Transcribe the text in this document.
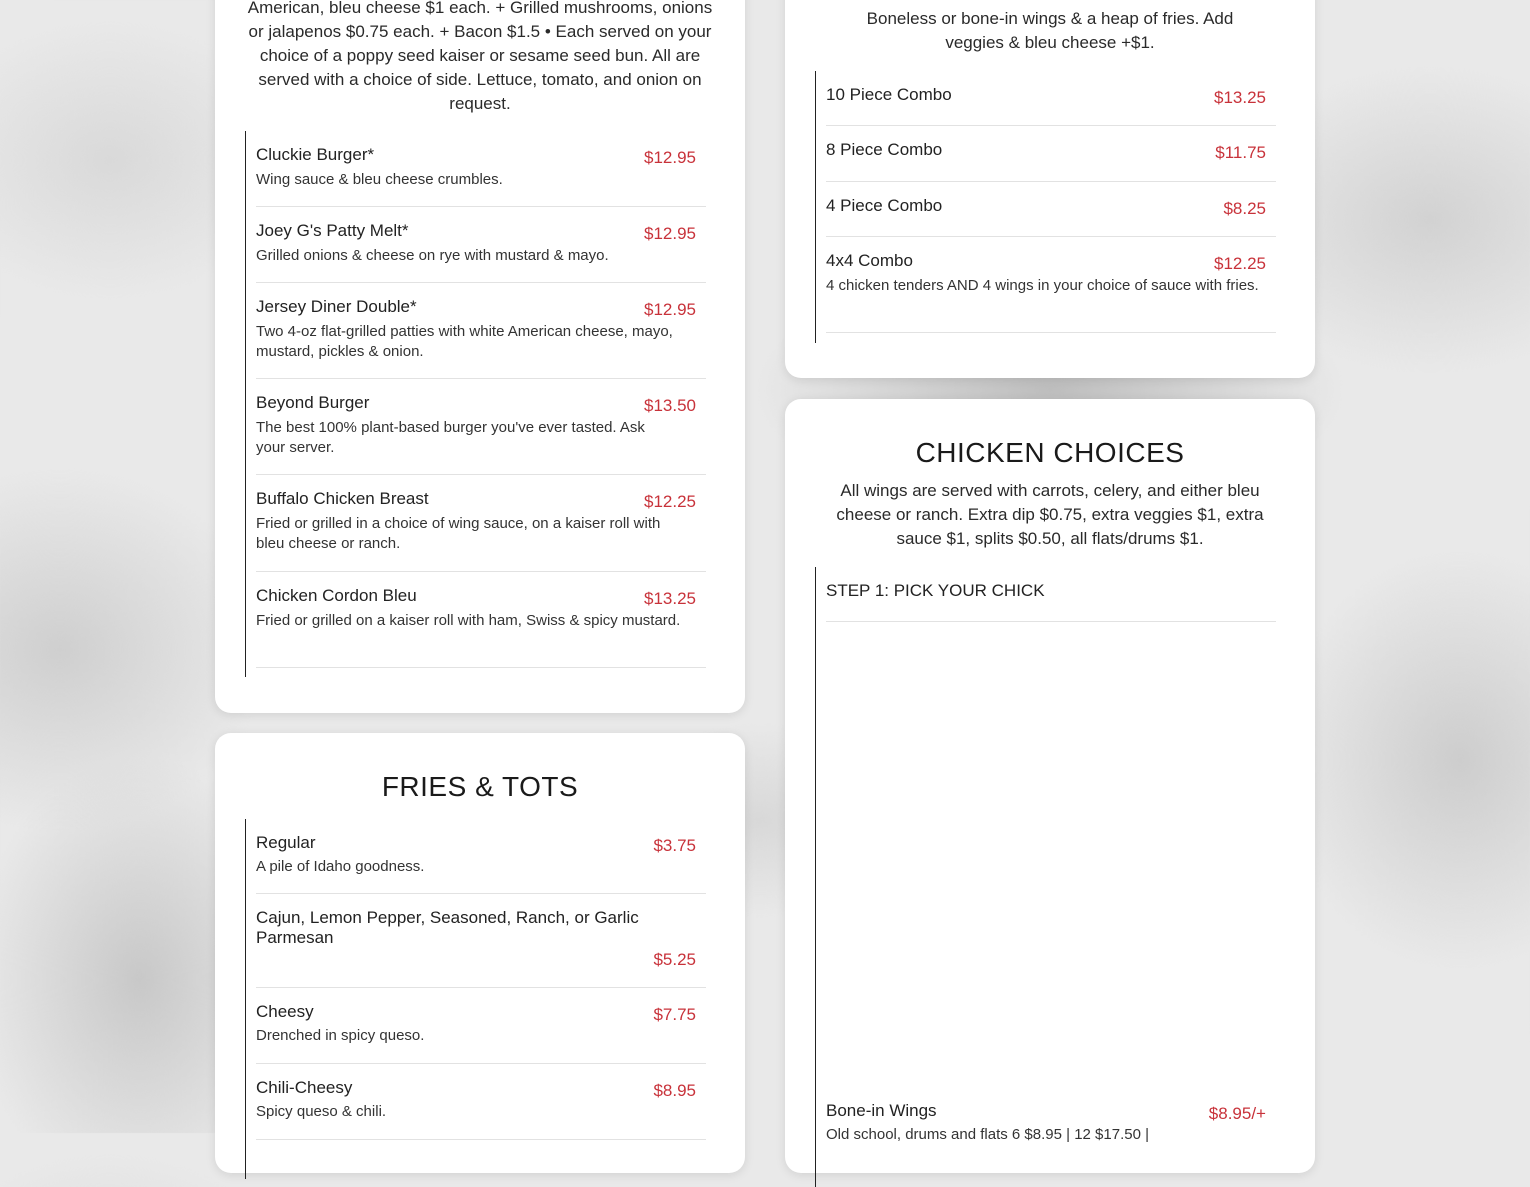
American, bleu cheese $1 each. + Grilled mushrooms, onions or jalapenos $0.75 each. + Bacon $1.5 • Each served on your choice of a poppy seed kaiser or sesame seed bun. All are served with a choice of side. Lettuce, tomato, and onion on request.
Cluckie Burger*	$12.95
Wing sauce & bleu cheese crumbles.
Joey G's Patty Melt*	$12.95
Grilled onions & cheese on rye with mustard & mayo.
Jersey Diner Double*	$12.95
Two 4-oz flat-grilled patties with white American cheese, mayo, mustard, pickles & onion.
Beyond Burger	$13.50
The best 100% plant-based burger you've ever tasted. Ask your server.
Buffalo Chicken Breast	$12.25
Fried or grilled in a choice of wing sauce, on a kaiser roll with bleu cheese or ranch.
Chicken Cordon Bleu	$13.25
Fried or grilled on a kaiser roll with ham, Swiss & spicy mustard.
FRIES & TOTS
Regular	$3.75
A pile of Idaho goodness.
Cajun, Lemon Pepper, Seasoned, Ranch, or Garlic Parmesan
$5.25
Cheesy	$7.75
Drenched in spicy queso.
Chili-Cheesy	$8.95
Spicy queso & chili.
Boneless or bone-in wings & a heap of fries. Add veggies & bleu cheese +$1.
10 Piece Combo	$13.25
8 Piece Combo	$11.75
4 Piece Combo	$8.25
4x4 Combo	$12.25
4 chicken tenders AND 4 wings in your choice of sauce with fries.
CHICKEN CHOICES
All wings are served with carrots, celery, and either bleu cheese or ranch. Extra dip $0.75, extra veggies $1, extra sauce $1, splits $0.50, all flats/drums $1.
STEP 1: PICK YOUR CHICK
Bone-in Wings	$8.95/+
Old school, drums and flats 6 $8.95 | 12 $17.50 |
